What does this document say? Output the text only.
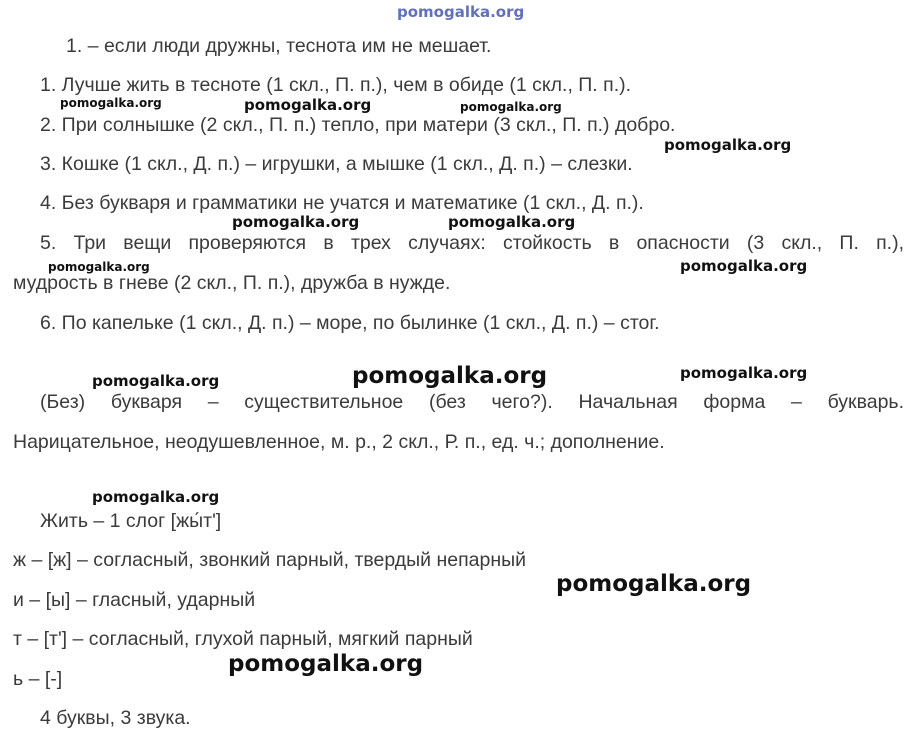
pomogalka.org
1. – если люди дружны, теснота им не мешает.
1. Лучше жить в тесноте (1 скл., П. п.), чем в обиде (1 скл., П. п.).
2. При солнышке (2 скл., П. п.) тепло, при матери (3 скл., П. п.) добро.
3. Кошке (1 скл., Д. п.) – игрушки, а мышке (1 скл., Д. п.) – слезки.
4. Без букваря и грамматики не учатся и математике (1 скл., Д. п.).
5. Три вещи проверяются в трех случаях: стойкость в опасности (3 скл., П. п.),
мудрость в гневе (2 скл., П. п.), дружба в нужде.
6. По капельке (1 скл., Д. п.) – море, по былинке (1 скл., Д. п.) – стог.
(Без) букваря – существительное (без чего?). Начальная форма – букварь.
Нарицательное, неодушевленное, м. р., 2 скл., Р. п., ед. ч.; дополнение.
Жить – 1 слог [жы́т']
ж – [ж] – согласный, звонкий парный, твердый непарный
и – [ы] – гласный, ударный
т – [т'] – согласный, глухой парный, мягкий парный
ь – [-]
4 буквы, 3 звука.
pomogalka.org	pomogalka.org	pomogalka.org
pomogalka.org
pomogalka.org	pomogalka.org
pomogalka.org	pomogalka.org
pomogalka.org	pomogalka.org	pomogalka.org
pomogalka.org
pomogalka.org
pomogalka.org
